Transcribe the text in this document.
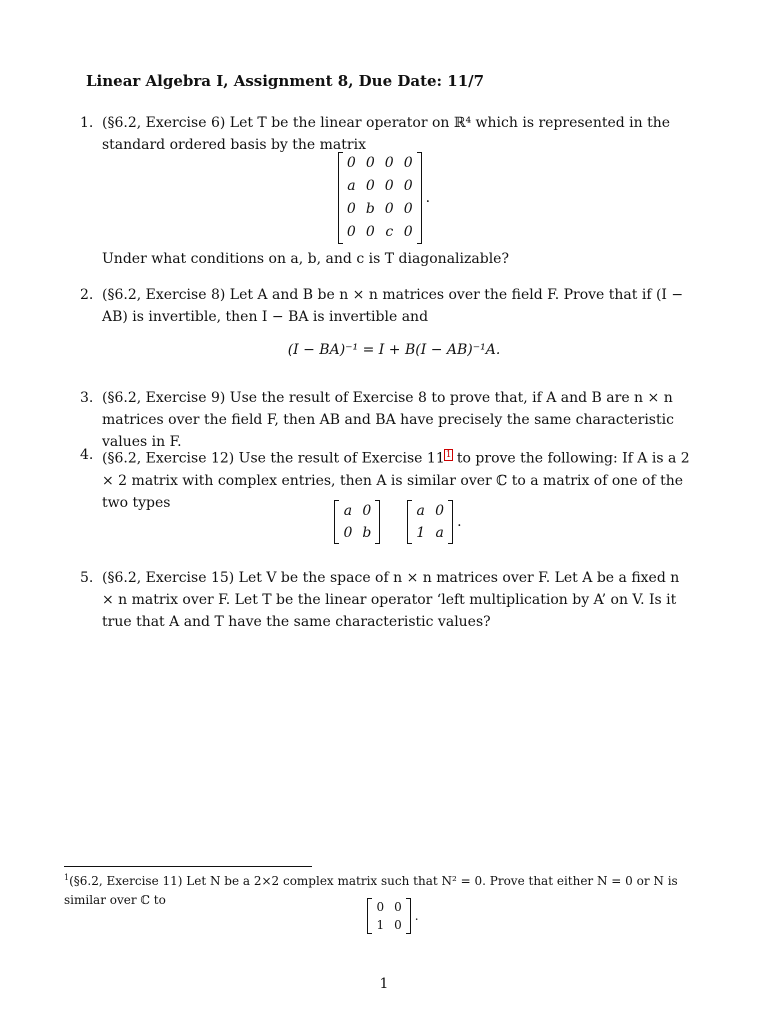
Linear Algebra I, Assignment 8, Due Date: 11/7
1. (§6.2, Exercise 6) Let T be the linear operator on ℝ⁴ which is represented in the standard ordered basis by the matrix

0	0	0	0
a	0	0	0
0	b	0	0
0	0	c	0
.

Under what conditions on a, b, and c is T diagonalizable?

2. (§6.2, Exercise 8) Let A and B be n × n matrices over the field F. Prove that if (I − AB) is invertible, then I − BA is invertible and

(I − BA)⁻¹ = I + B(I − AB)⁻¹A.
3. (§6.2, Exercise 9) Use the result of Exercise 8 to prove that, if A and B are n × n matrices over the field F, then AB and BA have precisely the same characteristic values in F.

4. (§6.2, Exercise 12) Use the result of Exercise 11$^1$ to prove the following: If A is a 2 × 2 matrix with complex entries, then A is similar over ℂ to a matrix of one of the two types

a	0
0	b

a	0
1	a
.
5. (§6.2, Exercise 15) Let V be the space of n × n matrices over F. Let A be a fixed n × n matrix over F. Let T be the linear operator ‘left multiplication by A’ on V. Is it true that A and T have the same characteristic values?

$^1$(§6.2, Exercise 11) Let N be a 2×2 complex matrix such that N² = 0. Prove that either N = 0 or N is similar over ℂ to	0	0
1	0
.
1
